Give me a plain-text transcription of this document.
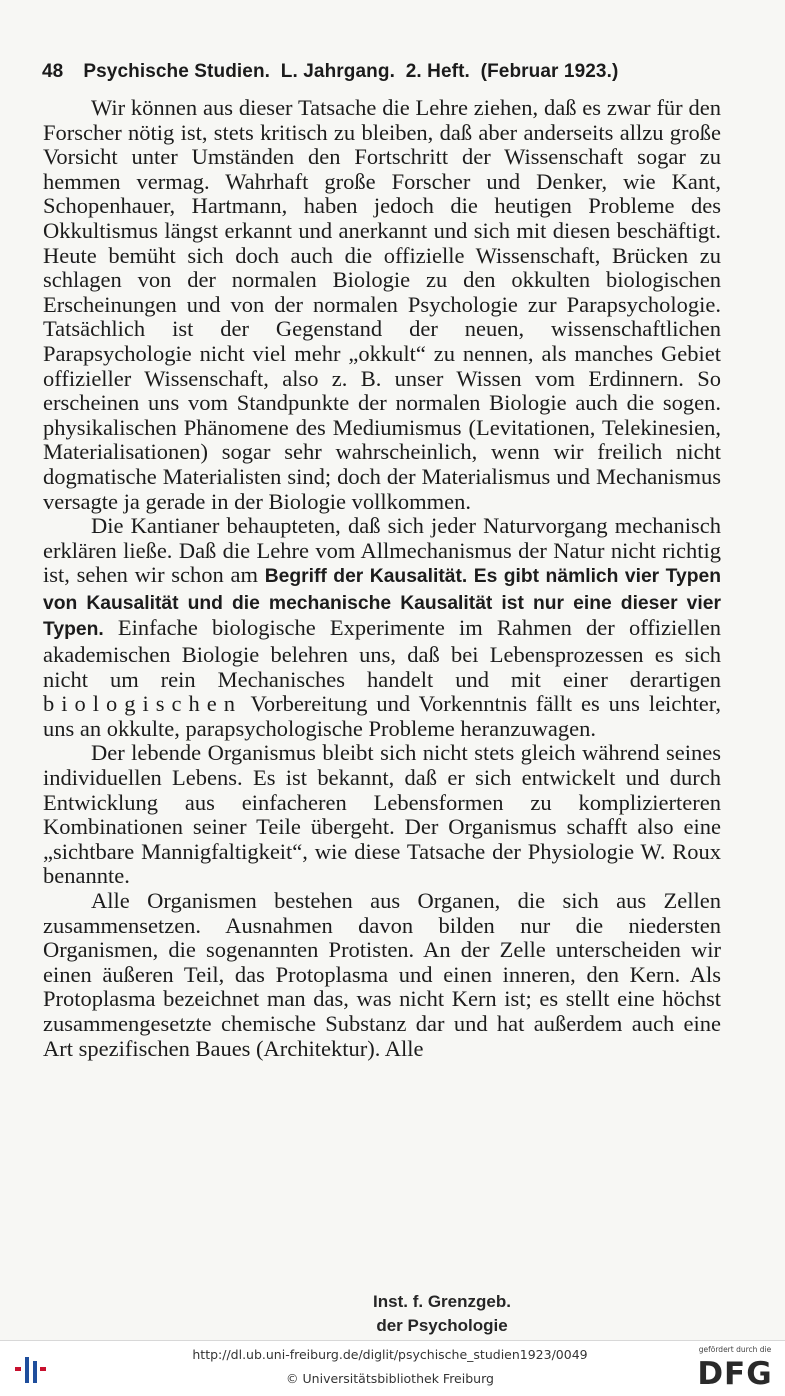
48 Psychische Studien.
L. Jahrgang.
2. Heft.
(Februar 1923.)

Wir können aus dieser Tatsache die Lehre ziehen, daß es zwar für den Forscher nötig ist, stets kritisch zu bleiben, daß aber anderseits allzu große Vorsicht unter Umständen den Fortschritt der Wissenschaft sogar zu hemmen vermag. Wahrhaft große Forscher und Denker, wie Kant, Schopenhauer, Hartmann, haben jedoch die heutigen Probleme des Okkultismus längst erkannt und anerkannt und sich mit diesen beschäftigt. Heute bemüht sich doch auch die offizielle Wissenschaft, Brücken zu schlagen von der normalen Biologie zu den okkulten biologischen Erscheinungen und von der normalen Psychologie zur Parapsychologie. Tatsächlich ist der Gegenstand der neuen, wissenschaftlichen Parapsychologie nicht viel mehr „okkult“ zu nennen, als manches Gebiet offizieller Wissenschaft, also z. B. unser Wissen vom Erdinnern. So erscheinen uns vom Standpunkte der normalen Biologie auch die sogen. physikalischen Phänomene des Mediumismus (Levitationen, Telekinesien, Materialisationen) sogar sehr wahrscheinlich, wenn wir freilich nicht dogmatische Materialisten sind; doch der Materialismus und Mechanismus versagte ja gerade in der Biologie vollkommen.

Die Kantianer behaupteten, daß sich jeder Naturvorgang mechanisch erklären ließe. Daß die Lehre vom Allmechanismus der Natur nicht richtig ist, sehen wir schon am Begriff der Kausalität. Es gibt nämlich vier Typen von Kausalität und die mechanische Kausalität ist nur eine dieser vier Typen. Einfache biologische Experimente im Rahmen der offiziellen akademischen Biologie belehren uns, daß bei Lebensprozessen es sich nicht um rein Mechanisches handelt und mit einer derartigen biologischen Vorbereitung und Vorkenntnis fällt es uns leichter, uns an okkulte, parapsychologische Probleme heranzuwagen.

Der lebende Organismus bleibt sich nicht stets gleich während seines individuellen Lebens. Es ist bekannt, daß er sich entwickelt und durch Entwicklung aus einfacheren Lebensformen zu komplizierteren Kombinationen seiner Teile übergeht. Der Organismus schafft also eine „sichtbare Mannigfaltigkeit“, wie diese Tatsache der Physiologie W. Roux benannte.

Alle Organismen bestehen aus Organen, die sich aus Zellen zusammensetzen. Ausnahmen davon bilden nur die niedersten Organismen, die sogenannten Protisten. An der Zelle unterscheiden wir einen äußeren Teil, das Protoplasma und einen inneren, den Kern. Als Protoplasma bezeichnet man das, was nicht Kern ist; es stellt eine höchst zusammengesetzte chemische Substanz dar und hat außerdem auch eine Art spezifischen Baues (Architektur). Alle

Inst. f. Grenzgeb.
der Psychologie
http://dl.ub.uni-freiburg.de/diglit/psychische_studien1923/0049
© Universitätsbibliothek Freiburg
gefördert durch die
DFG
